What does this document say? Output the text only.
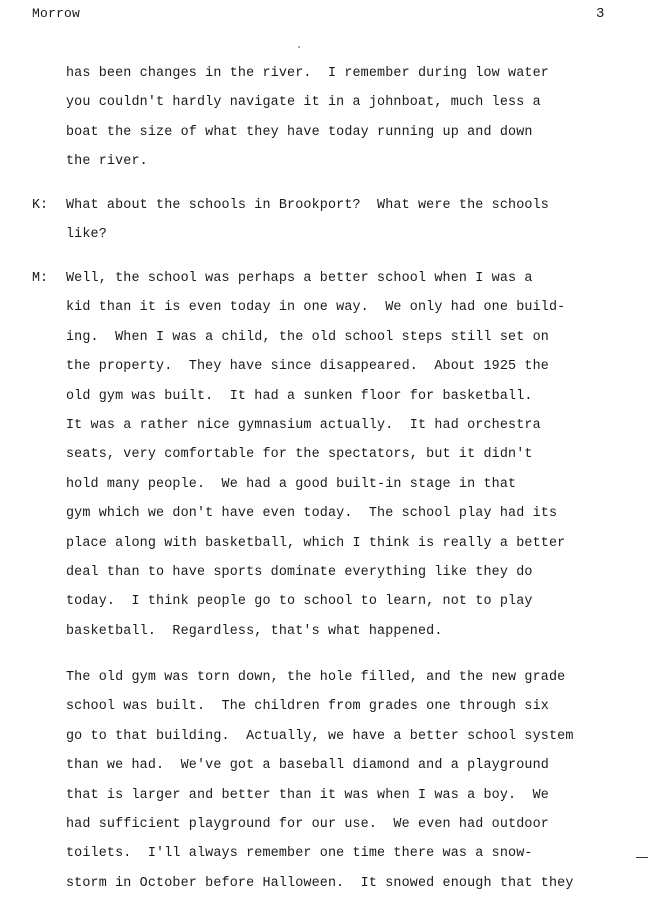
Morrow	3
has been changes in the river.  I remember during low water
you couldn't hardly navigate it in a johnboat, much less a
boat the size of what they have today running up and down
the river.
K: What about the schools in Brookport?  What were the schools
like?
M: Well, the school was perhaps a better school when I was a
kid than it is even today in one way.  We only had one build-
ing.  When I was a child, the old school steps still set on
the property.  They have since disappeared.  About 1925 the
old gym was built.  It had a sunken floor for basketball.
It was a rather nice gymnasium actually.  It had orchestra
seats, very comfortable for the spectators, but it didn't
hold many people.  We had a good built-in stage in that
gym which we don't have even today.  The school play had its
place along with basketball, which I think is really a better
deal than to have sports dominate everything like they do
today.  I think people go to school to learn, not to play
basketball.  Regardless, that's what happened.
The old gym was torn down, the hole filled, and the new grade
school was built.  The children from grades one through six
go to that building.  Actually, we have a better school system
than we had.  We've got a baseball diamond and a playground
that is larger and better than it was when I was a boy.  We
had sufficient playground for our use.  We even had outdoor
toilets.  I'll always remember one time there was a snow-
storm in October before Halloween.  It snowed enough that they
